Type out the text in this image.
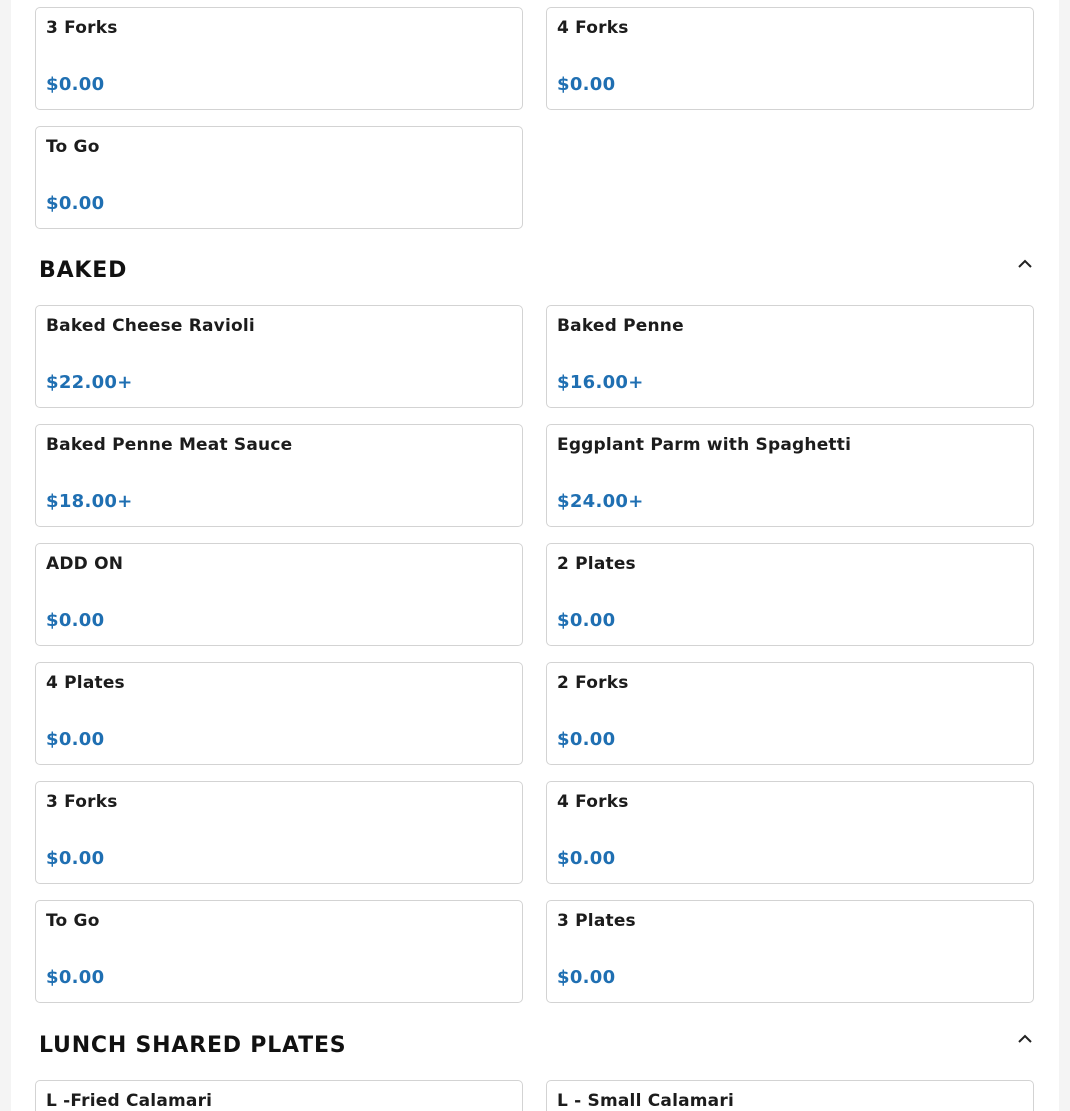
3 Forks
$0.00
4 Forks
$0.00
To Go
$0.00
BAKED
Baked Cheese Ravioli
$22.00+
Baked Penne
$16.00+
Baked Penne Meat Sauce
$18.00+
Eggplant Parm with Spaghetti
$24.00+
ADD ON
$0.00
2 Plates
$0.00
4 Plates
$0.00
2 Forks
$0.00
3 Forks
$0.00
4 Forks
$0.00
To Go
$0.00
3 Plates
$0.00
LUNCH SHARED PLATES
L -Fried Calamari	L - Small Calamari
